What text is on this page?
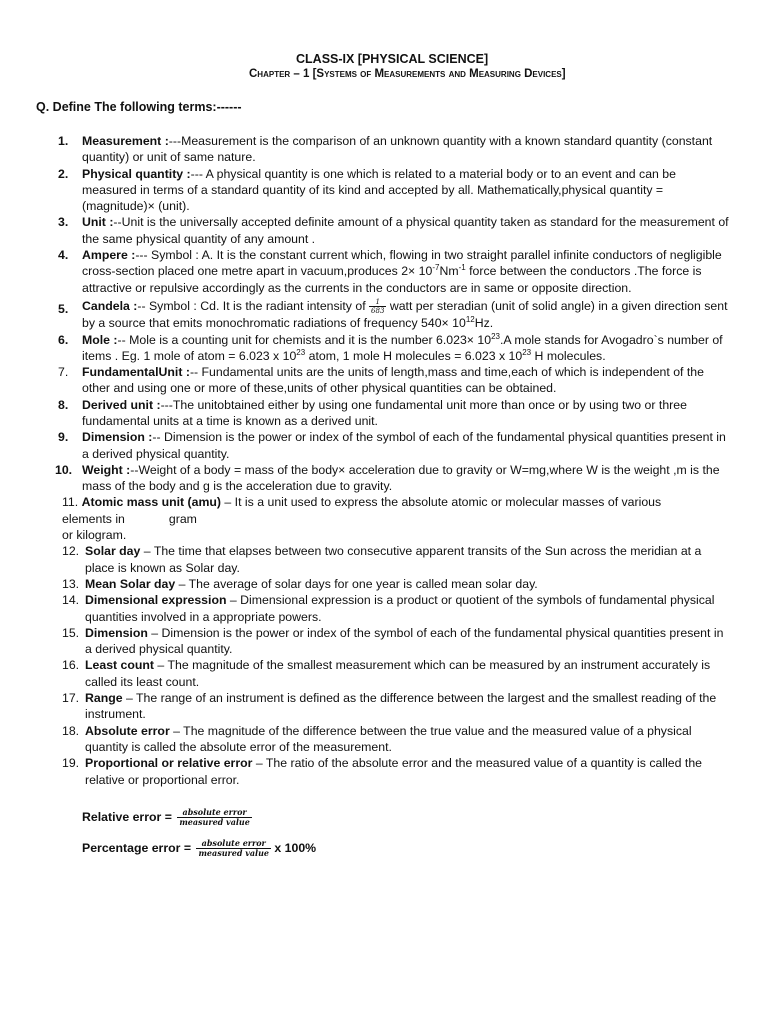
CLASS-IX [PHYSICAL SCIENCE]
Chapter – 1 [Systems of Measurements and Measuring Devices]
Q. Define The following terms:------
1. Measurement :---Measurement is the comparison of an unknown quantity with a known standard quantity (constant quantity) or unit of same nature.
2. Physical quantity :--- A physical quantity is one which is related to a material body or to an event and can be measured in terms of a standard quantity of its kind and accepted by all. Mathematically,physical quantity = (magnitude)× (unit).
3. Unit :--Unit is the universally accepted definite amount of a physical quantity taken as standard for the measurement of the same physical quantity of any amount .
4. Ampere :--- Symbol : A. It is the constant current which, flowing in two straight parallel infinite conductors of negligible cross-section placed one metre apart in vacuum,produces $2\times 10^{-7}Nm^{-1}$ force between the conductors .The force is attractive or repulsive accordingly as the currents in the conductors are in same or opposite direction.
5. Candela :-- Symbol : Cd. It is the radiant intensity of $\frac{1}{683}$ watt per steradian (unit of solid angle) in a given direction sent by a source that emits monochromatic radiations of frequency $540\times 10^{12}Hz$.
6. Mole :-- Mole is a counting unit for chemists and it is the number $6.023\times 10^{23}.A$ mole stands for Avogadro`s number of items . Eg. 1 mole of atom = 6.023 x $10^{23}$ atom, 1 mole H molecules = 6.023 x $10^{23}$ H molecules.
7. FundamentalUnit :-- Fundamental units are the units of length,mass and time,each of which is independent of the other and using one or more of these,units of other physical quantities can be obtained.
8. Derived unit :---The unitobtained either by using one fundamental unit more than once or by using two or three fundamental units at a time is known as a derived unit.
9. Dimension :-- Dimension is the power or index of the symbol of each of the fundamental physical quantities present in a derived physical quantity.
10. Weight :--Weight of a body = mass of the body× acceleration due to gravity or W=mg,where W is the weight ,m is the mass of the body and g is the acceleration due to gravity.
11. Atomic mass unit (amu) – It is a unit used to express the absolute atomic or molecular masses of various
elements in	gram
or kilogram.
12. Solar day – The time that elapses between two consecutive apparent transits of the Sun across the meridian at a place is known as Solar day.
13. Mean Solar day – The average of solar days for one year is called mean solar day.
14. Dimensional expression – Dimensional expression is a product or quotient of the symbols of fundamental physical quantities involved in a appropriate powers.
15. Dimension – Dimension is the power or index of the symbol of each of the fundamental physical quantities present in a derived physical quantity.
16. Least count – The magnitude of the smallest measurement which can be measured by an instrument accurately is called its least count.
17. Range – The range of an instrument is defined as the difference between the largest and the smallest reading of the instrument.
18. Absolute error – The magnitude of the difference between the true value and the measured value of a physical quantity is called the absolute error of the measurement.
19. Proportional or relative error – The ratio of the absolute error and the measured value of a quantity is called the relative or proportional error.
Relative error = $\frac{\text{absolute error}}{\text{measured value}}$
Percentage error = $\frac{\text{absolute error}}{\text{measured value}}$ x 100%
